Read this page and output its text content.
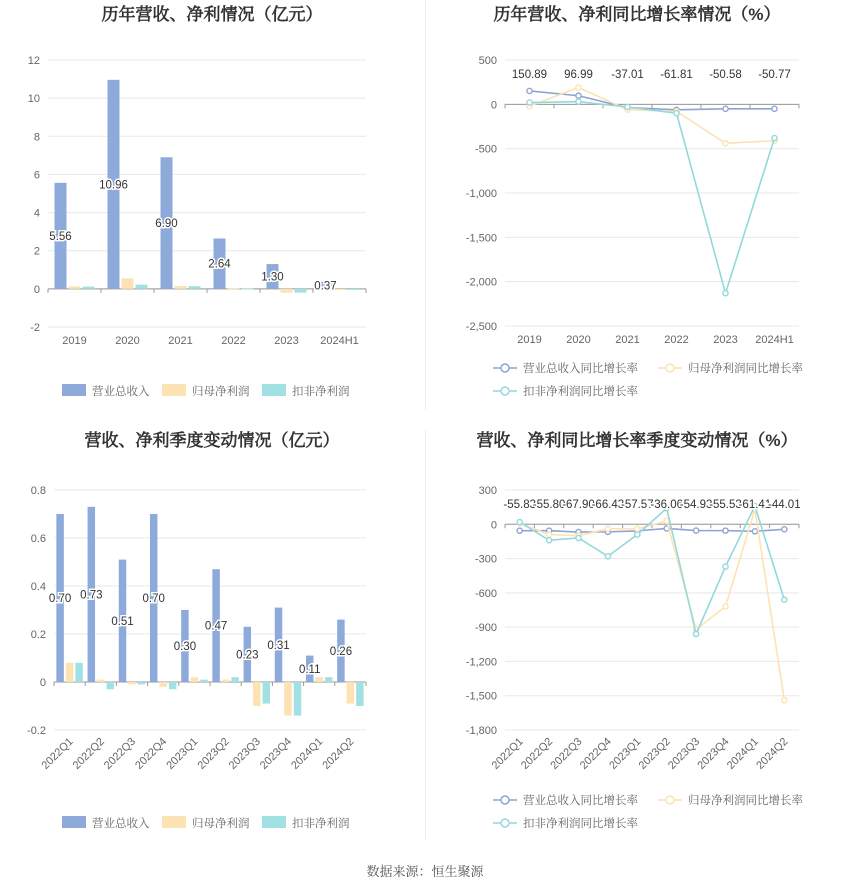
历年营收、净利情况（亿元）
-2
0
2
4
6
8
10
12
2019	2020	2021	2022	2023 2024H1
5.56
10.96
6.90
2.64
1.30
0.37
营业总收入	归母净利润	扣非净利润
历年营收、净利同比增长率情况（%）
-2,500
-2,000
-1,500
-1,000
-500
0
500
2019 2020 2021 2022 2023 2024H1
150.89 96.99 -37.01 -61.81 -50.58 -50.77
营业总收入同比增长率	归母净利润同比增长率
扣非净利润同比增长率
营收、净利季度变动情况（亿元）
-0.2
0
0.2
0.4
0.6
0.8
2022Q1
2022Q2
2022Q3
2022Q4
2023Q1
2023Q2
2023Q3
2023Q4
2024Q1
2024Q2
0.70 0.73
0.51
0.70
0.30
0.47
0.23
0.31
0.11
0.26
营业总收入	归母净利润	扣非净利润
营收、净利同比增长率季度变动情况（%）
-1,800
-1,500
-1,200
-900
-600
-300
0
300
2022Q1
2022Q2
2022Q3
2022Q4
2023Q1
2023Q2
2023Q3
2023Q4
2024Q1
2024Q2
-55.83
-55.80
-67.90
-66.43
-57.57
-36.06
-54.93
-55.53
-61.41
-44.01
营业总收入同比增长率	归母净利润同比增长率
扣非净利润同比增长率
数据来源：恒生聚源
